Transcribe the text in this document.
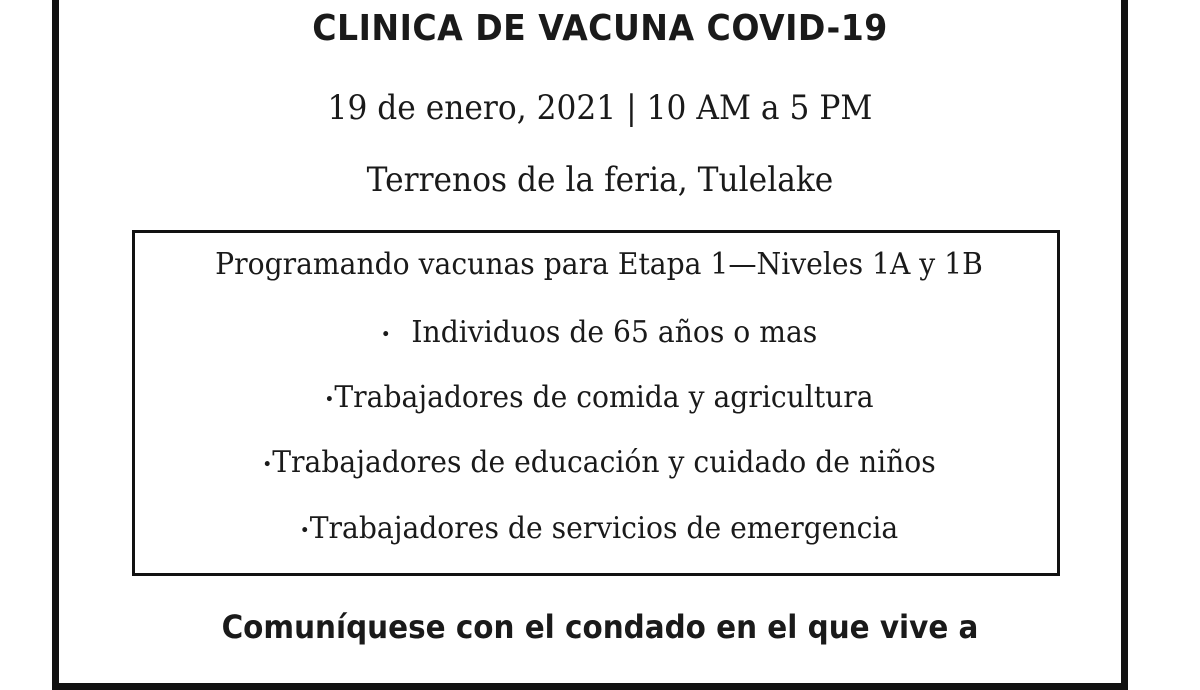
CLINICA DE VACUNA COVID-19
19 de enero, 2021 | 10 AM a 5 PM
Terrenos de la feria, Tulelake
Programando vacunas para Etapa 1—Niveles 1A y 1B
• Individuos de 65 años o mas
•Trabajadores de comida y agricultura
•Trabajadores de educación y cuidado de niños
•Trabajadores de servicios de emergencia
Comuníquese con el condado en el que vive a
